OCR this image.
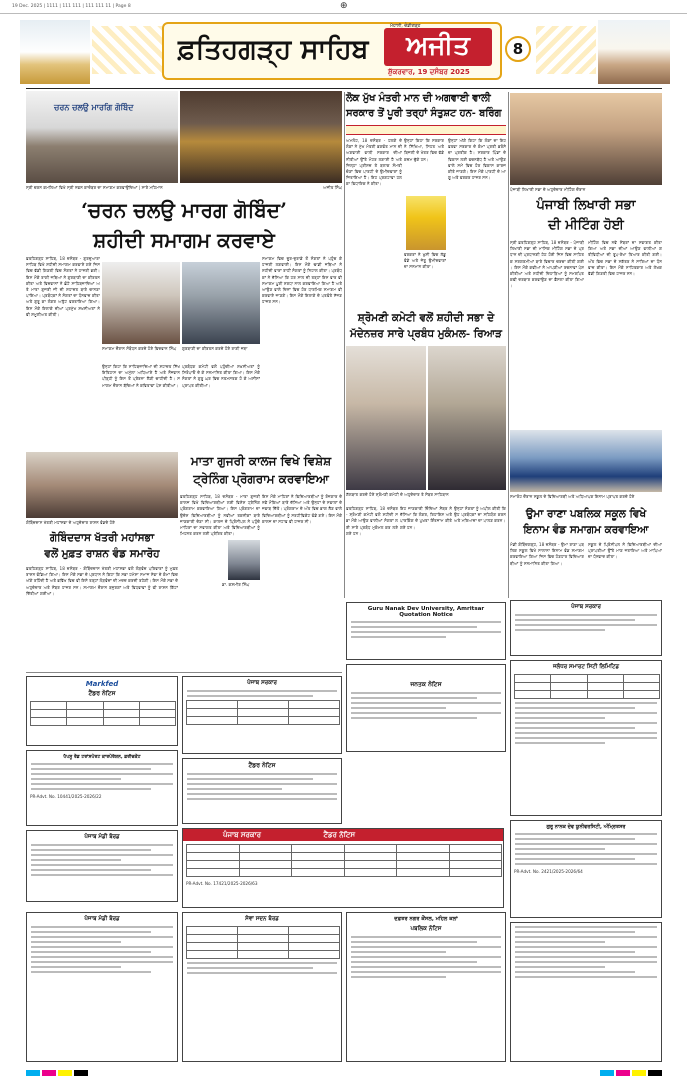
19 Dec. 2025 | 1111 | 111 111 | 111 111 11 | Page 8	⊕
ਫ਼ਤਿਹਗੜ੍ਹ ਸਾਹਿਬ	ਅਜੀਤ
ਮੋਹਾਲੀ, ਚੰਡੀਗੜ੍ਹ
ਸ਼ੁੱਕਰਵਾਰ, 19 ਦਸੰਬਰ 2025
8
ਚਰਨ ਚਲਉ ਮਾਰਗਿ ਗੋਬਿੰਦ
ਸ੍ਰੀ ਚਰਨ ਕਮਲਿਆਂ ਵਿਖੇ ਸ੍ਰੀ ਨਵਨ ਕਾਦੰਬਰ ਦਾ ਸਮਾਗਮ ਕਰਵਾਉਂਦਿਆਂ | ਸਾਰੇ ਮਹਿਮਾਨ	ਅਜੀਤ ਸਿੰਘ
‘ਚਰਨ ਚਲਉ ਮਾਰਗ ਗੋਬਿੰਦ’
ਸ਼ਹੀਦੀ ਸਮਾਗਮ ਕਰਵਾਏ
ਫ਼ਤਹਿਗੜ੍ਹ ਸਾਹਿਬ, 18 ਦਸੰਬਰ - ਗੁਰਦੁਆਰਾ ਸਾਹਿਬ ਵਿਖੇ ਸ਼ਹੀਦੀ ਸਮਾਗਮ ਕਰਵਾਏ ਗਏ ਜਿਸ ਵਿਚ ਵੱਡੀ ਗਿਣਤੀ ਵਿਚ ਸੰਗਤਾਂ ਨੇ ਹਾਜ਼ਰੀ ਭਰੀ। ਇਸ ਮੌਕੇ ਰਾਗੀ ਜਥਿਆਂ ਨੇ ਗੁਰਬਾਣੀ ਦਾ ਕੀਰਤਨ ਕੀਤਾ ਅਤੇ ਵਿਦਵਾਨਾਂ ਨੇ ਛੋਟੇ ਸਾਹਿਬਜ਼ਾਦਿਆਂ ਅਤੇ ਮਾਤਾ ਗੁਜਰੀ ਜੀ ਦੀ ਸ਼ਹਾਦਤ ਬਾਰੇ ਚਾਨਣਾ ਪਾਇਆ। ਪ੍ਰਬੰਧਕਾਂ ਨੇ ਸੰਗਤਾਂ ਦਾ ਧੰਨਵਾਦ ਕੀਤਾ ਅਤੇ ਗੁਰੂ ਕਾ ਲੰਗਰ ਅਤੁੱਟ ਵਰਤਾਇਆ ਗਿਆ। ਇਸ ਮੌਕੇ ਇਲਾਕੇ ਦੀਆਂ ਪ੍ਰਮੁੱਖ ਸ਼ਖ਼ਸੀਅਤਾਂ ਨੇ ਵੀ ਸ਼ਮੂਲੀਅਤ ਕੀਤੀ।
ਸਮਾਗਮ ਦੌਰਾਨ ਸੰਬੋਧਨ ਕਰਦੇ ਹੋਏ ਵਿਦਵਾਨ ਸਿੰਘ	ਗੁਰਬਾਣੀ ਦਾ ਕੀਰਤਨ ਕਰਦੇ ਹੋਏ ਰਾਗੀ ਜਥਾ
ਉਨ੍ਹਾਂ ਕਿਹਾ ਕਿ ਸਾਹਿਬਜ਼ਾਦਿਆਂ ਦੀ ਸ਼ਹਾਦਤ ਸਿੱਖ ਇਤਿਹਾਸ ਦਾ ਅਮੁੱਲਾ ਅਧਿਆਏ ਹੈ ਅਤੇ ਨੌਜਵਾਨ ਪੀੜ੍ਹੀ ਨੂੰ ਇਸ ਤੋਂ ਪ੍ਰੇਰਨਾ ਲੈਣੀ ਚਾਹੀਦੀ ਹੈ। ਸਮਾਗਮ ਦੌਰਾਨ ਬੱਚਿਆਂ ਨੇ ਕਵਿਤਾਵਾਂ ਪੇਸ਼ ਕੀਤੀਆਂ।
ਪ੍ਰਬੰਧਕ ਕਮੇਟੀ ਵਲੋਂ ਪਹੁੰਚੀਆਂ ਸ਼ਖ਼ਸੀਅਤਾਂ ਨੂੰ ਸਿਰੋਪਾਓ ਦੇ ਕੇ ਸਨਮਾਨਿਤ ਕੀਤਾ ਗਿਆ। ਇਸ ਮੌਕੇ ਸੰਗਤਾਂ ਨੇ ਗੁਰੂ ਘਰ ਵਿਚ ਨਤਮਸਤਕ ਹੋ ਕੇ ਅਸੀਸਾਂ ਪ੍ਰਾਪਤ ਕੀਤੀਆਂ।
ਸਮਾਗਮ ਵਿਚ ਦੂਰ-ਦੁਰਾਡੇ ਤੋਂ ਸੰਗਤਾਂ ਨੇ ਪਹੁੰਚ ਕੇ ਹਾਜ਼ਰੀ ਲਗਵਾਈ। ਇਸ ਮੌਕੇ ਢਾਡੀ ਜਥਿਆਂ ਨੇ ਸ਼ਹੀਦੀ ਵਾਰਾਂ ਰਾਹੀਂ ਸੰਗਤਾਂ ਨੂੰ ਨਿਹਾਲ ਕੀਤਾ। ਪ੍ਰਬੰਧਕਾਂ ਨੇ ਦੱਸਿਆ ਕਿ ਹਰ ਸਾਲ ਦੀ ਤਰ੍ਹਾਂ ਇਸ ਵਾਰ ਵੀ ਸਮਾਗਮ ਪੂਰੀ ਸ਼ਰਧਾ ਨਾਲ ਕਰਵਾਇਆ ਗਿਆ ਹੈ ਅਤੇ ਆਉਣ ਵਾਲੇ ਦਿਨਾਂ ਵਿਚ ਹੋਰ ਧਾਰਮਿਕ ਸਮਾਗਮ ਵੀ ਕਰਵਾਏ ਜਾਣਗੇ। ਇਸ ਮੌਕੇ ਇਲਾਕੇ ਦੇ ਪਤਵੰਤੇ ਸੱਜਣ ਹਾਜ਼ਰ ਸਨ।
ਗੋਬਿੰਦਦਾਸ ਖੱਤਰੀ ਮਹਾਂਸਭਾ ਦੇ ਅਹੁਦੇਦਾਰ ਰਾਸ਼ਨ ਵੰਡਦੇ ਹੋਏ
ਗੋਬਿੰਦਦਾਸ ਖੱਤਰੀ ਮਹਾਂਸਭਾ
ਵਲੋਂ ਮੁਫ਼ਤ ਰਾਸ਼ਨ ਵੰਡ ਸਮਾਰੋਹ
ਫ਼ਤਹਿਗੜ੍ਹ ਸਾਹਿਬ, 18 ਦਸੰਬਰ - ਗੋਬਿੰਦਦਾਸ ਖੱਤਰੀ ਮਹਾਂਸਭਾ ਵਲੋਂ ਲੋੜਵੰਦ ਪਰਿਵਾਰਾਂ ਨੂੰ ਮੁਫ਼ਤ ਰਾਸ਼ਨ ਵੰਡਿਆ ਗਿਆ। ਇਸ ਮੌਕੇ ਸਭਾ ਦੇ ਪ੍ਰਧਾਨ ਨੇ ਕਿਹਾ ਕਿ ਸਭਾ ਹਮੇਸ਼ਾ ਸਮਾਜ ਸੇਵਾ ਦੇ ਕੰਮਾਂ ਵਿਚ ਅੱਗੇ ਰਹਿੰਦੀ ਹੈ ਅਤੇ ਭਵਿੱਖ ਵਿਚ ਵੀ ਇਸੇ ਤਰ੍ਹਾਂ ਲੋੜਵੰਦਾਂ ਦੀ ਮਦਦ ਕਰਦੀ ਰਹੇਗੀ। ਇਸ ਮੌਕੇ ਸਭਾ ਦੇ ਅਹੁਦੇਦਾਰ ਅਤੇ ਮੈਂਬਰ ਹਾਜ਼ਰ ਸਨ। ਸਮਾਗਮ ਦੌਰਾਨ ਬਜ਼ੁਰਗਾਂ ਅਤੇ ਵਿਧਵਾਵਾਂ ਨੂੰ ਵੀ ਰਾਸ਼ਨ ਕਿੱਟਾਂ ਦਿੱਤੀਆਂ ਗਈਆਂ।
ਮਾਤਾ ਗੁਜਰੀ ਕਾਲਜ ਵਿਖੇ ਵਿਸ਼ੇਸ਼
ਟ੍ਰੇਨਿੰਗ ਪ੍ਰੋਗਰਾਮ ਕਰਵਾਇਆ
ਫ਼ਤਹਿਗੜ੍ਹ ਸਾਹਿਬ, 18 ਦਸੰਬਰ - ਮਾਤਾ ਗੁਜਰੀ ਕਾਲਜ ਵਿਖੇ ਵਿਦਿਆਰਥੀਆਂ ਲਈ ਵਿਸ਼ੇਸ਼ ਟ੍ਰੇਨਿੰਗ ਪ੍ਰੋਗਰਾਮ ਕਰਵਾਇਆ ਗਿਆ। ਇਸ ਪ੍ਰੋਗਰਾਮ ਦਾ ਉਦੇਸ਼ ਵਿਦਿਆਰਥੀਆਂ ਨੂੰ ਨਵੀਆਂ ਤਕਨੀਕਾਂ ਬਾਰੇ ਜਾਣਕਾਰੀ ਦੇਣਾ ਸੀ। ਕਾਲਜ ਦੇ ਪ੍ਰਿੰਸੀਪਲ ਨੇ ਪਹੁੰਚੇ ਮਾਹਿਰਾਂ ਦਾ ਸਵਾਗਤ ਕੀਤਾ ਅਤੇ ਵਿਦਿਆਰਥੀਆਂ ਨੂੰ ਮਿਹਨਤ ਕਰਨ ਲਈ ਪ੍ਰੇਰਿਤ ਕੀਤਾ।
ਡਾ. ਕਸ਼ਮੀਰ ਸਿੰਘ
ਇਸ ਮੌਕੇ ਮਾਹਿਰਾਂ ਨੇ ਵਿਦਿਆਰਥੀਆਂ ਨੂੰ ਰੋਜ਼ਗਾਰ ਦੇ ਨਵੇਂ ਮੌਕਿਆਂ ਬਾਰੇ ਦੱਸਿਆ ਅਤੇ ਉਨ੍ਹਾਂ ਦੇ ਸਵਾਲਾਂ ਦੇ ਜਵਾਬ ਦਿੱਤੇ। ਪ੍ਰੋਗਰਾਮ ਦੇ ਅੰਤ ਵਿਚ ਭਾਗ ਲੈਣ ਵਾਲੇ ਵਿਦਿਆਰਥੀਆਂ ਨੂੰ ਸਰਟੀਫਿਕੇਟ ਵੰਡੇ ਗਏ। ਇਸ ਮੌਕੇ ਕਾਲਜ ਦਾ ਸਟਾਫ਼ ਵੀ ਹਾਜ਼ਰ ਸੀ।
ਲੋਕ ਮੁੱਖ ਮੰਤਰੀ ਮਾਨ ਦੀ ਅਗਵਾਈ ਵਾਲੀ
ਸਰਕਾਰ ਤੋਂ ਪੂਰੀ ਤਰ੍ਹਾਂ ਸੰਤੁਸ਼ਟ ਹਨ- ਬਰਿੰਗ
ਅਮਲੋਹ, 18 ਦਸੰਬਰ - ਹਲਕੇ ਦੇ ਲੋਕਾਂ ਨੇ ਮੁੱਖ ਮੰਤਰੀ ਭਗਵੰਤ ਮਾਨ ਦੀ ਅਗਵਾਈ ਵਾਲੀ ਸਰਕਾਰ ਦੀਆਂ ਨੀਤੀਆਂ ਉੱਤੇ ਮੋਹਰ ਲਗਾਈ ਹੈ ਅਤੇ ਜ਼ਿਲ੍ਹਾ ਪ੍ਰੀਸ਼ਦ ਤੇ ਬਲਾਕ ਸੰਮਤੀ ਚੋਣਾਂ ਵਿਚ ਪਾਰਟੀ ਦੇ ਉਮੀਦਵਾਰਾਂ ਨੂੰ ਜਿਤਾਇਆ ਹੈ। ਇਹ ਪ੍ਰਗਟਾਵਾ ਹਲਕਾ ਵਿਧਾਇਕ ਨੇ ਕੀਤਾ।
ਉਨ੍ਹਾਂ ਕਿਹਾ ਕਿ ਸਰਕਾਰ ਨੇ ਸਿੱਖਿਆ, ਸਿਹਤ ਅਤੇ ਬਿਜਲੀ ਦੇ ਖੇਤਰ ਵਿਚ ਵੱਡੇ ਕਦਮ ਚੁੱਕੇ ਹਨ।
ਉਨ੍ਹਾਂ ਅੱਗੇ ਕਿਹਾ ਕਿ ਲੋਕਾਂ ਦਾ ਇਹ ਫ਼ਤਵਾ ਸਰਕਾਰ ਦੇ ਕੰਮਾਂ ਪ੍ਰਤੀ ਭਰੋਸੇ ਦਾ ਪ੍ਰਤੀਕ ਹੈ। ਸਰਕਾਰ ਪਿੰਡਾਂ ਦੇ ਵਿਕਾਸ ਲਈ ਵਚਨਬੱਧ ਹੈ ਅਤੇ ਆਉਣ ਵਾਲੇ ਸਮੇਂ ਵਿਚ ਹੋਰ ਵਿਕਾਸ ਕਾਰਜ ਕੀਤੇ ਜਾਣਗੇ। ਇਸ ਮੌਕੇ ਪਾਰਟੀ ਦੇ ਆਗੂ ਅਤੇ ਵਰਕਰ ਹਾਜ਼ਰ ਸਨ।
ਵਰਕਰਾਂ ਨੇ ਖ਼ੁਸ਼ੀ ਵਿਚ ਲੱਡੂ ਵੰਡੇ ਅਤੇ ਜੇਤੂ ਉਮੀਦਵਾਰਾਂ ਦਾ ਸਨਮਾਨ ਕੀਤਾ।
ਸ਼੍ਰੋਮਣੀ ਕਮੇਟੀ ਵਲੋਂ ਸ਼ਹੀਦੀ ਸਭਾ ਦੇ
ਮੱਦੇਨਜ਼ਰ ਸਾਰੇ ਪ੍ਰਬੰਧ ਮੁਕੰਮਲ- ਰਿਆੜ
ਗੱਲਬਾਤ ਕਰਦੇ ਹੋਏ ਸ਼੍ਰੋਮਣੀ ਕਮੇਟੀ ਦੇ ਅਹੁਦੇਦਾਰ ਤੇ ਮੈਂਬਰ ਸਾਹਿਬਾਨ
ਫ਼ਤਹਿਗੜ੍ਹ ਸਾਹਿਬ, 18 ਦਸੰਬਰ - ਸ਼੍ਰੋਮਣੀ ਕਮੇਟੀ ਵਲੋਂ ਸ਼ਹੀਦੀ ਸਭਾ ਮੌਕੇ ਆਉਣ ਵਾਲੀਆਂ ਸੰਗਤਾਂ ਲਈ ਸਾਰੇ ਪ੍ਰਬੰਧ ਮੁਕੰਮਲ ਕਰ ਲਏ ਗਏ ਹਨ।
ਇਹ ਜਾਣਕਾਰੀ ਦਿੰਦਿਆਂ ਮੈਂਬਰ ਨੇ ਦੱਸਿਆ ਕਿ ਲੰਗਰ, ਰਿਹਾਇਸ਼ ਅਤੇ ਪਾਰਕਿੰਗ ਦੇ ਪੁਖ਼ਤਾ ਇੰਤਜ਼ਾਮ ਕੀਤੇ ਗਏ ਹਨ।
ਉਨ੍ਹਾਂ ਸੰਗਤਾਂ ਨੂੰ ਅਪੀਲ ਕੀਤੀ ਕਿ ਉਹ ਪ੍ਰਬੰਧਕਾਂ ਦਾ ਸਹਿਯੋਗ ਕਰਨ ਅਤੇ ਮਰਿਆਦਾ ਦਾ ਪਾਲਣ ਕਰਨ।
ਪੰਜਾਬੀ ਲਿਖਾਰੀ ਸਭਾ ਦੇ ਅਹੁਦੇਦਾਰ ਮੀਟਿੰਗ ਦੌਰਾਨ
ਪੰਜਾਬੀ ਲਿਖਾਰੀ ਸਭਾ
ਦੀ ਮੀਟਿੰਗ ਹੋਈ
ਸ੍ਰੀ ਫ਼ਤਹਿਗੜ੍ਹ ਸਾਹਿਬ, 18 ਦਸੰਬਰ - ਪੰਜਾਬੀ ਲਿਖਾਰੀ ਸਭਾ ਦੀ ਮਾਸਿਕ ਮੀਟਿੰਗ ਸਭਾ ਦੇ ਪ੍ਰਧਾਨ ਦੀ ਪ੍ਰਧਾਨਗੀ ਹੇਠ ਹੋਈ ਜਿਸ ਵਿਚ ਸਾਹਿਤਕ ਸਰਗਰਮੀਆਂ ਬਾਰੇ ਵਿਚਾਰ ਚਰਚਾ ਕੀਤੀ ਗਈ। ਇਸ ਮੌਕੇ ਕਵੀਆਂ ਨੇ ਆਪਣੀਆਂ ਰਚਨਾਵਾਂ ਪੇਸ਼ ਕੀਤੀਆਂ ਅਤੇ ਸ਼ਹੀਦੀ ਦਿਹਾੜਿਆਂ ਨੂੰ ਸਮਰਪਿਤ ਕਵੀ ਦਰਬਾਰ ਕਰਵਾਉਣ ਦਾ ਫ਼ੈਸਲਾ ਕੀਤਾ ਗਿਆ।
ਮੀਟਿੰਗ ਵਿਚ ਨਵੇਂ ਮੈਂਬਰਾਂ ਦਾ ਸਵਾਗਤ ਕੀਤਾ ਗਿਆ ਅਤੇ ਸਭਾ ਦੀਆਂ ਆਉਣ ਵਾਲੀਆਂ ਗਤੀਵਿਧੀਆਂ ਦੀ ਰੂਪ-ਰੇਖਾ ਤਿਆਰ ਕੀਤੀ ਗਈ। ਅੰਤ ਵਿਚ ਸਭਾ ਦੇ ਸਕੱਤਰ ਨੇ ਸਾਰਿਆਂ ਦਾ ਧੰਨਵਾਦ ਕੀਤਾ। ਇਸ ਮੌਕੇ ਸਾਹਿਤਕਾਰ ਅਤੇ ਲੇਖਕ ਵੱਡੀ ਗਿਣਤੀ ਵਿਚ ਹਾਜ਼ਰ ਸਨ।
ਸਮਾਰੋਹ ਦੌਰਾਨ ਸਕੂਲ ਦੇ ਵਿਦਿਆਰਥੀ ਅਤੇ ਅਧਿਆਪਕ ਇਨਾਮ ਪ੍ਰਾਪਤ ਕਰਦੇ ਹੋਏ
ਉਮਾ ਰਾਣਾ ਪਬਲਿਕ ਸਕੂਲ ਵਿਖੇ
ਇਨਾਮ ਵੰਡ ਸਮਾਗਮ ਕਰਵਾਇਆ
ਮੰਡੀ ਗੋਬਿੰਦਗੜ੍ਹ, 18 ਦਸੰਬਰ - ਉਮਾ ਰਾਣਾ ਪਬਲਿਕ ਸਕੂਲ ਵਿਖੇ ਸਾਲਾਨਾ ਇਨਾਮ ਵੰਡ ਸਮਾਗਮ ਕਰਵਾਇਆ ਗਿਆ ਜਿਸ ਵਿਚ ਹੋਣਹਾਰ ਵਿਦਿਆਰਥੀਆਂ ਨੂੰ ਸਨਮਾਨਿਤ ਕੀਤਾ ਗਿਆ।
ਸਕੂਲ ਦੇ ਪ੍ਰਿੰਸੀਪਲ ਨੇ ਵਿਦਿਆਰਥੀਆਂ ਦੀਆਂ ਪ੍ਰਾਪਤੀਆਂ ਉੱਤੇ ਮਾਣ ਜਤਾਇਆ ਅਤੇ ਮਾਪਿਆਂ ਦਾ ਧੰਨਵਾਦ ਕੀਤਾ।
Markfed
ਟੈਂਡਰ ਨੋਟਿਸ

ਪੈਪਸੂ ਰੋਡ ਟਰਾਂਸਪੋਰਟ ਕਾਰਪੋਰੇਸ਼ਨ, ਫ਼ਰੀਦਕੋਟ
PR-Advt. No. 10441/2025-2026/22
ਪੰਜਾਬ ਮੰਡੀ ਬੋਰਡ
ਪੰਜਾਬ ਸਰਕਾਰ

ਟੈਂਡਰ ਨੋਟਿਸ
ਪੰਜਾਬ ਸਰਕਾਰ	ਟੈਂਡਰ ਨੋਟਿਸ

PR-Advt. No. 17421/2025-2026/63
Guru Nanak Dev University, Amritsar
Quotation Notice
ਜਨਤਕ ਨੋਟਿਸ
ਜਲੰਧਰ ਸਮਾਰਟ ਸਿਟੀ ਲਿਮਿਟਿਡ

ਪੰਜਾਬ ਸਰਕਾਰ
ਗੁਰੂ ਨਾਨਕ ਦੇਵ ਯੂਨੀਵਰਸਿਟੀ, ਅੰਮ੍ਰਿਤਸਰ
PR-Advt. No. 2421/2025-2026/64
ਪੰਜਾਬ ਮੰਡੀ ਬੋਰਡ	ਸੇਵਾ ਸਦਨ ਬੋਰਡ

			ਦਫ਼ਤਰ ਨਗਰ ਕੌਂਸਲ, ਮਹਿਲ ਕਲਾਂ
ਪਬਲਿਕ ਨੋਟਿਸ
